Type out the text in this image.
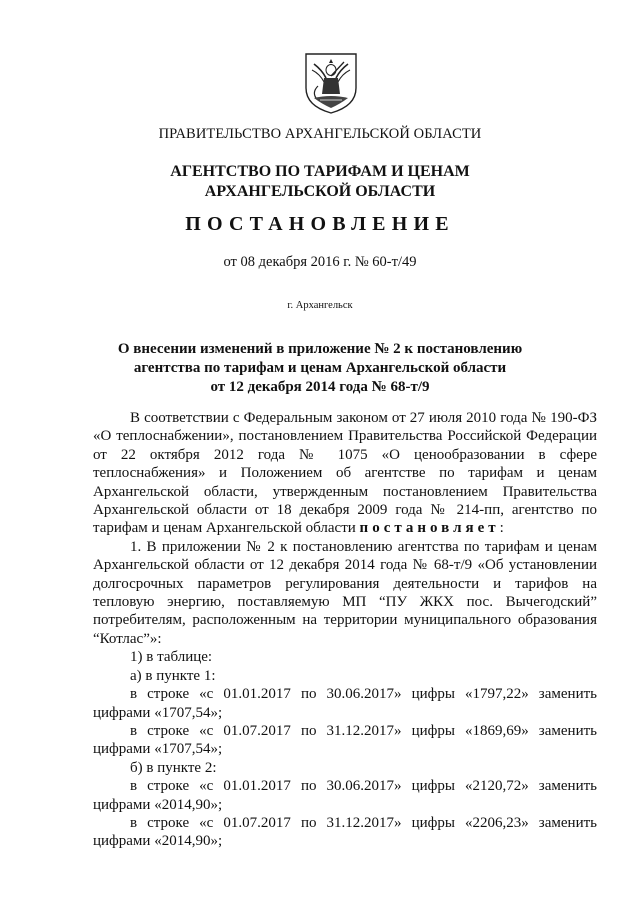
ПРАВИТЕЛЬСТВО АРХАНГЕЛЬСКОЙ ОБЛАСТИ
АГЕНТСТВО ПО ТАРИФАМ И ЦЕНАМ
АРХАНГЕЛЬСКОЙ ОБЛАСТИ
ПОСТАНОВЛЕНИЕ
от 08 декабря 2016 г. № 60-т/49
г. Архангельск
О внесении изменений в приложение № 2 к постановлению
агентства по тарифам и ценам Архангельской области
от 12 декабря 2014 года № 68-т/9

В соответствии с Федеральным законом от 27 июля 2010 года № 190-ФЗ «О теплоснабжении», постановлением Правительства Российской Федерации от 22 октября 2012 года № 1075 «О ценообразовании в сфере теплоснабжения» и Положением об агентстве по тарифам и ценам Архангельской области, утвержденным постановлением Правительства Архангельской области от 18 декабря 2009 года № 214-пп, агентство по тарифам и ценам Архангельской области постановляет:

1. В приложении № 2 к постановлению агентства по тарифам и ценам Архангельской области от 12 декабря 2014 года № 68-т/9 «Об установлении долгосрочных параметров регулирования деятельности и тарифов на тепловую энергию, поставляемую МП “ПУ ЖКХ пос. Вычегодский” потребителям, расположенным на территории муниципального образования “Котлас”»:

1) в таблице:

а) в пункте 1:

в строке «с 01.01.2017 по 30.06.2017» цифры «1797,22» заменить цифрами «1707,54»;

в строке «с 01.07.2017 по 31.12.2017» цифры «1869,69» заменить цифрами «1707,54»;

б) в пункте 2:

в строке «с 01.01.2017 по 30.06.2017» цифры «2120,72» заменить цифрами «2014,90»;

в строке «с 01.07.2017 по 31.12.2017» цифры «2206,23» заменить цифрами «2014,90»;
